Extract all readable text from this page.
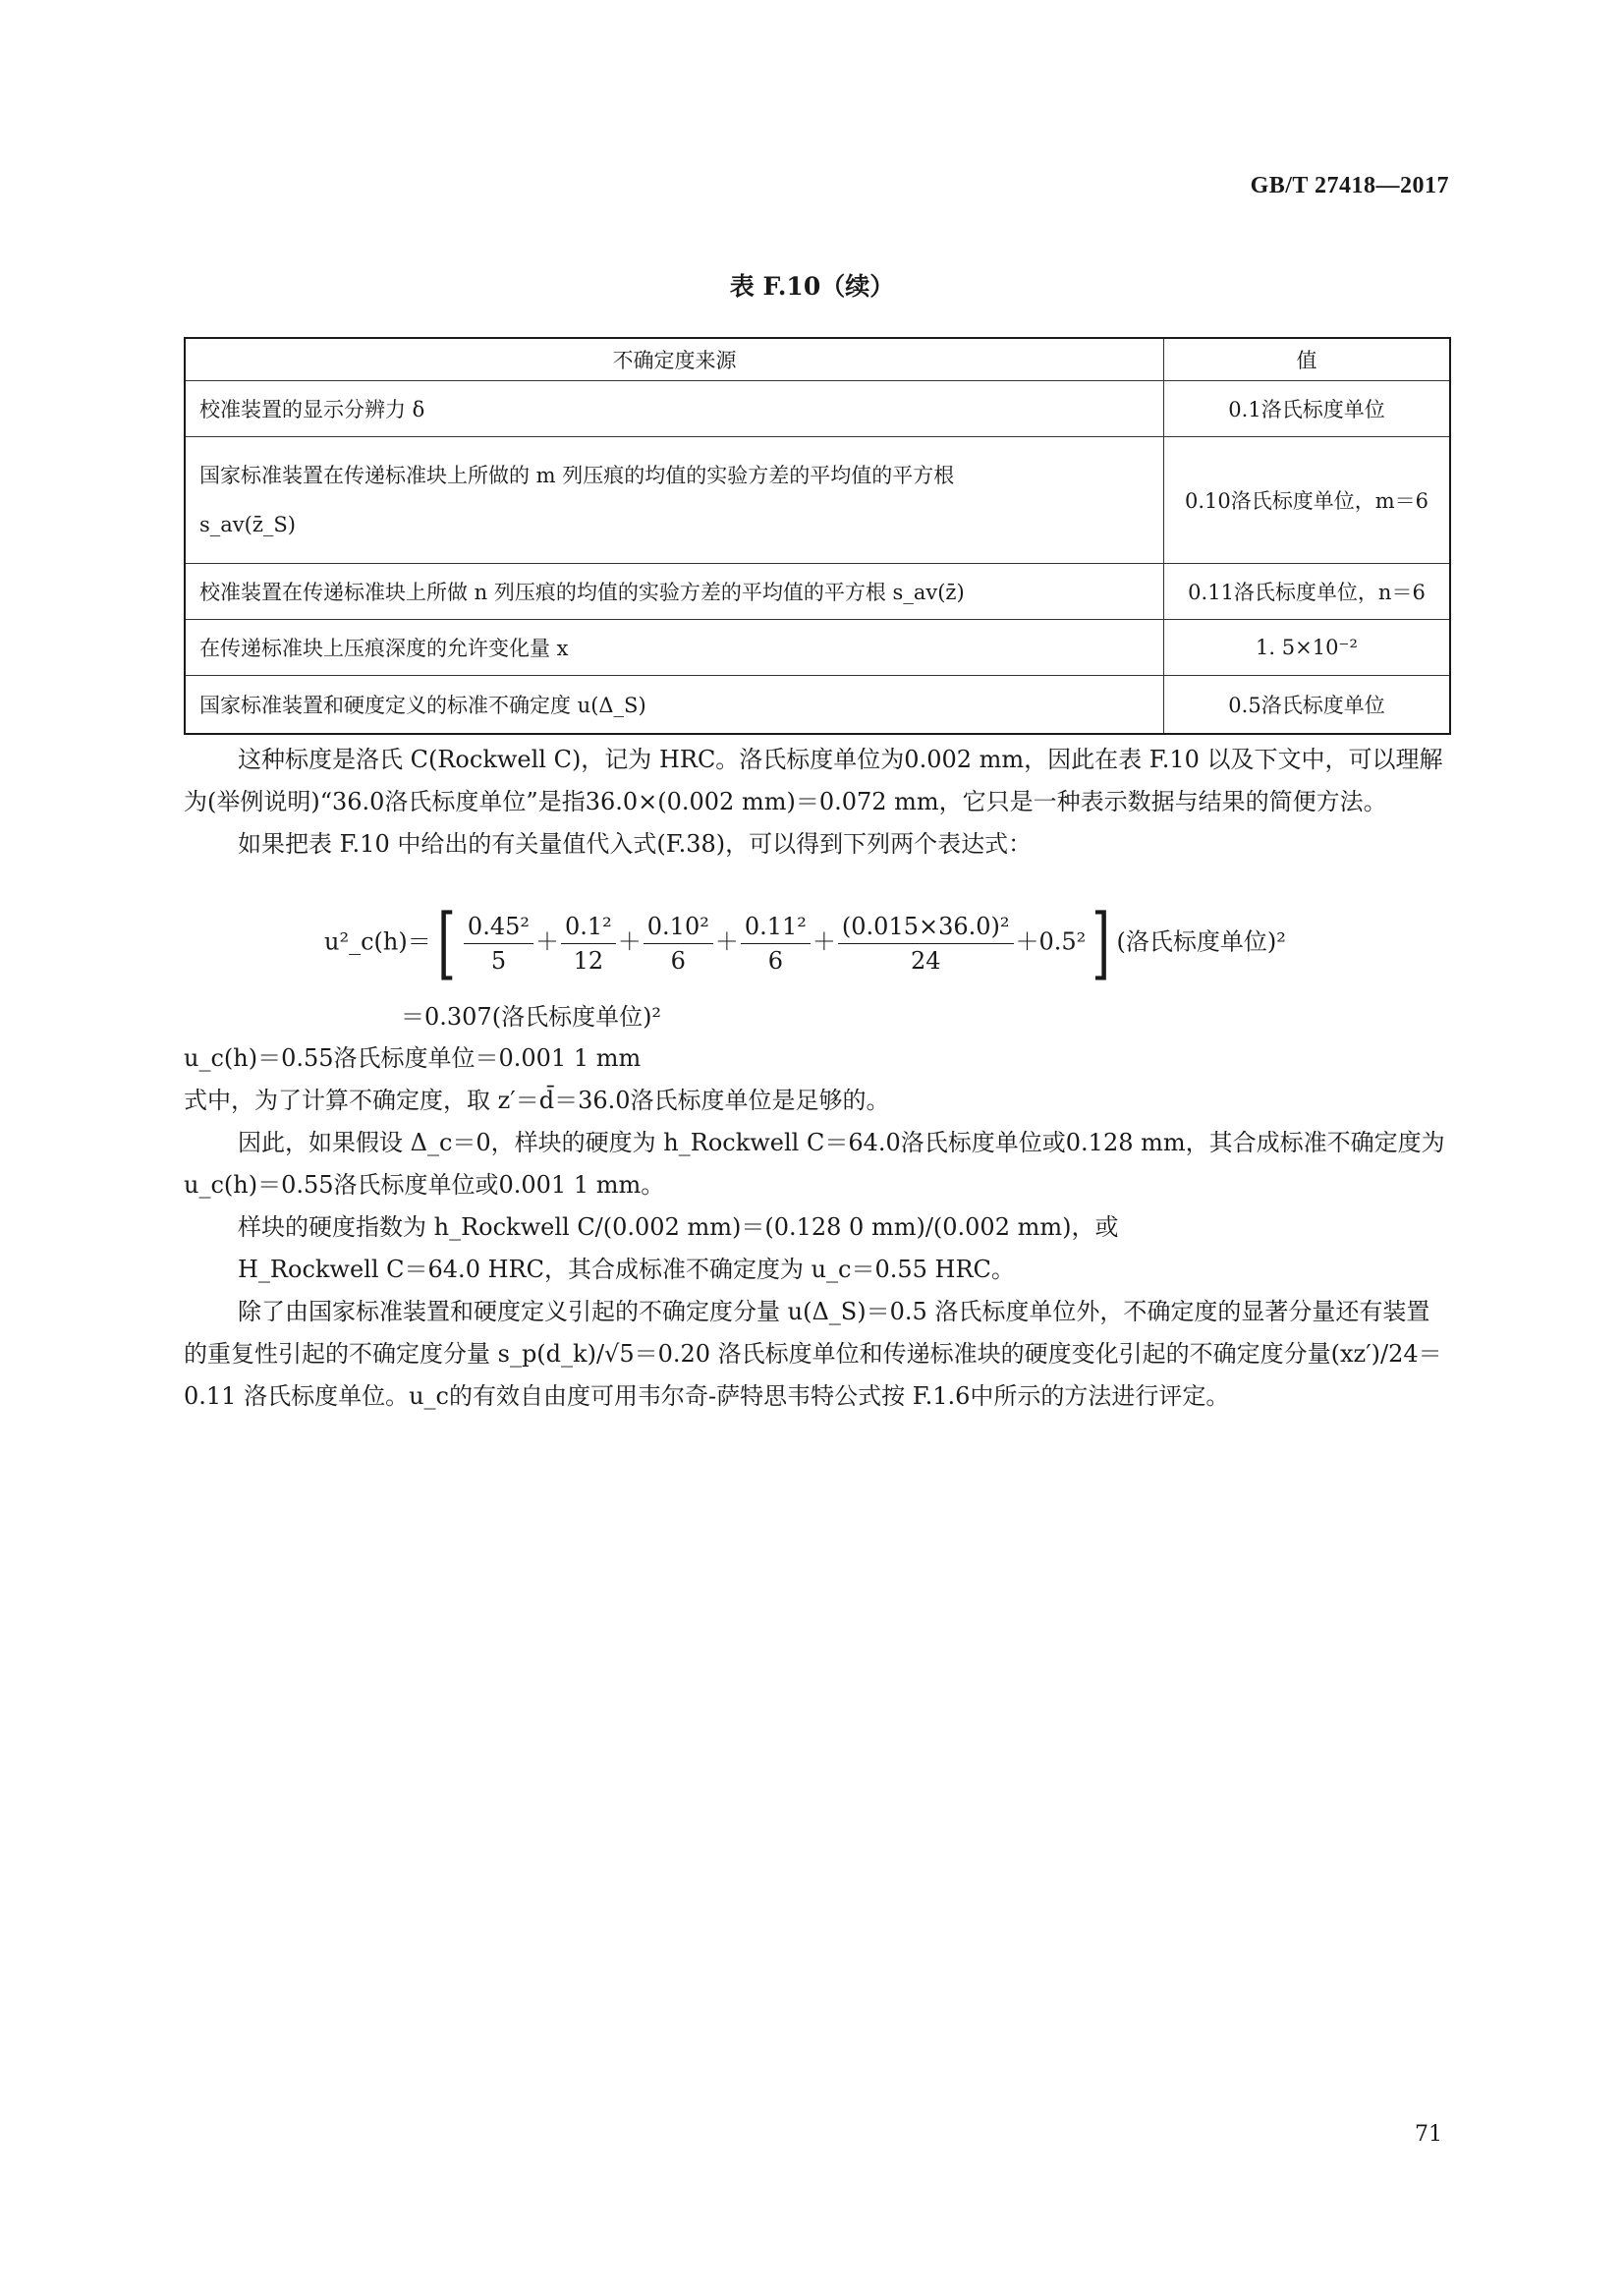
GB/T 27418—2017
表 F.10（续）
不确定度来源	值
校准装置的显示分辨力 δ	0.1洛氏标度单位
国家标准装置在传递标准块上所做的 m 列压痕的均值的实验方差的平均值的平方根
s_av(z̄_S)	0.10洛氏标度单位，m＝6
校准装置在传递标准块上所做 n 列压痕的均值的实验方差的平均值的平方根 s_av(z̄)	0.11洛氏标度单位，n＝6
在传递标准块上压痕深度的允许变化量 x	1. 5×10⁻²
国家标准装置和硬度定义的标准不确定度 u(Δ_S)	0.5洛氏标度单位

这种标度是洛氏 C(Rockwell C)，记为 HRC。洛氏标度单位为0.002 mm，因此在表 F.10 以及下文中，可以理解为(举例说明)“36.0洛氏标度单位”是指36.0×(0.002 mm)＝0.072 mm，它只是一种表示数据与结果的简便方法。

如果把表 F.10 中给出的有关量值代入式(F.38)，可以得到下列两个表达式：

u²_c(h)＝[ $\frac{\text{0.45²}}{5} + \frac{\text{0.1²}}{12} + \frac{\text{0.10²}}{6} + \frac{\text{0.11²}}{6} + \frac{\text{(0.015×36.0)²}}{24} +0.5^2$] (洛氏标度单位)²
＝0.307(洛氏标度单位)²

u_c(h)＝0.55洛氏标度单位＝0.001 1 mm

式中，为了计算不确定度，取 z′＝d̄＝36.0洛氏标度单位是足够的。

因此，如果假设 Δ_c＝0，样块的硬度为 h_Rockwell C＝64.0洛氏标度单位或0.128 mm，其合成标准不确定度为 u_c(h)＝0.55洛氏标度单位或0.001 1 mm。

样块的硬度指数为 h_Rockwell C/(0.002 mm)＝(0.128 0 mm)/(0.002 mm)，或

H_Rockwell C＝64.0 HRC，其合成标准不确定度为 u_c＝0.55 HRC。

除了由国家标准装置和硬度定义引起的不确定度分量 u(Δ_S)＝0.5 洛氏标度单位外，不确定度的显著分量还有装置的重复性引起的不确定度分量 s_p(d_k)/√5＝0.20 洛氏标度单位和传递标准块的硬度变化引起的不确定度分量(xz′)/24＝0.11 洛氏标度单位。u_c的有效自由度可用韦尔奇-萨特思韦特公式按 F.1.6中所示的方法进行评定。

71
